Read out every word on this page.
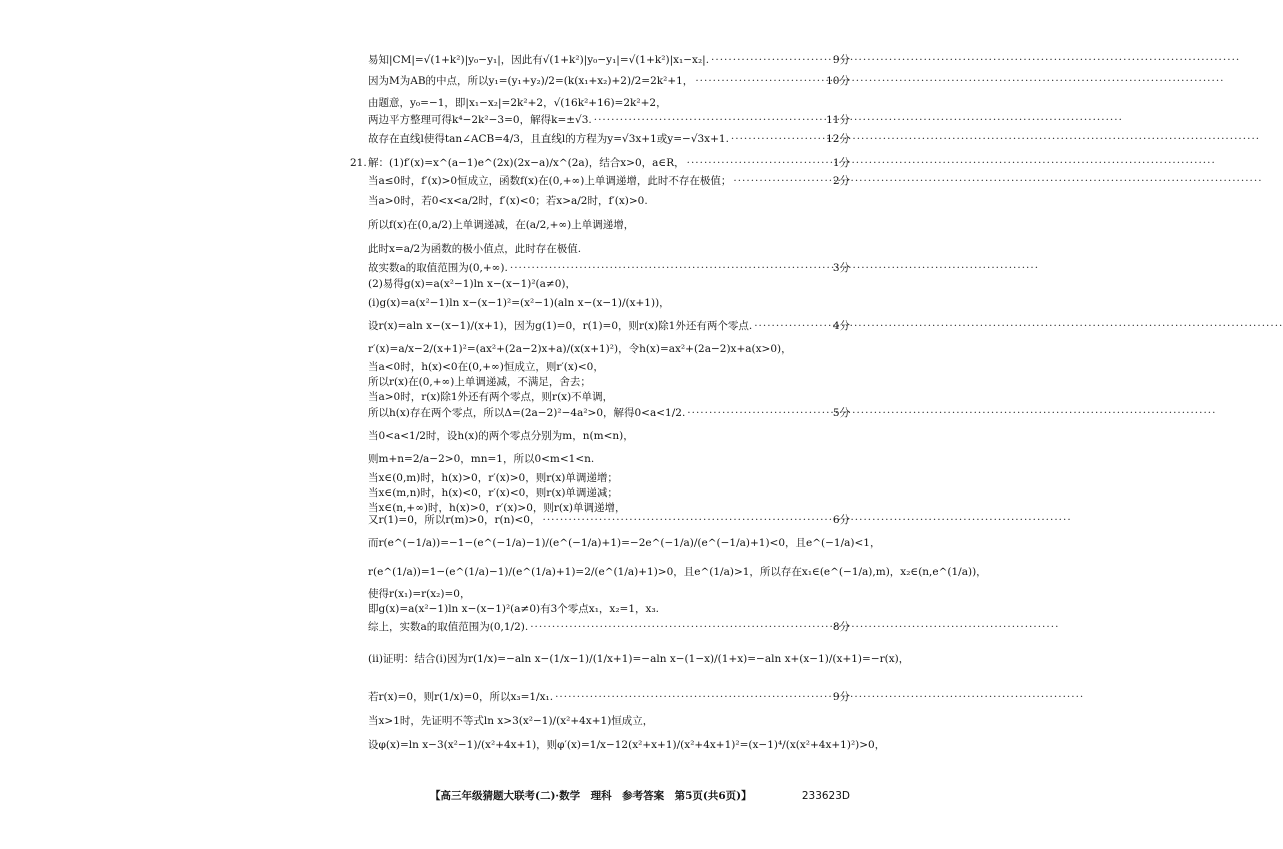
易知|CM|=√(1+k²)|y₀−y₁|，因此有√(1+k²)|y₀−y₁|=√(1+k²)|x₁−x₂|. ·····	9分
因为M为AB的中点，所以y₁=(y₁+y₂)/2=(k(x₁+x₂)+2)/2=2k²+1， ·····	10分
由题意，y₀=−1，即|x₁−x₂|=2k²+2，√(16k²+16)=2k²+2，
两边平方整理可得k⁴−2k²−3=0，解得k=±√3. ·····	11分
故存在直线l使得tan∠ACB=4/3，且直线l的方程为y=√3x+1或y=−√3x+1. ·····	12分
21. 解：(1)f′(x)=x^(a−1)e^(2x)(2x−a)/x^(2a)，结合x>0，a∈R， ·····	1分
当a≤0时，f′(x)>0恒成立，函数f(x)在(0,+∞)上单调递增，此时不存在极值； ·····	2分
当a>0时，若0<x<a/2时，f′(x)<0；若x>a/2时，f′(x)>0.
所以f(x)在(0,a/2)上单调递减，在(a/2,+∞)上单调递增，
此时x=a/2为函数的极小值点，此时存在极值.
故实数a的取值范围为(0,+∞). ·····	3分
(2)易得g(x)=a(x²−1)ln x−(x−1)²(a≠0)，
(ⅰ)g(x)=a(x²−1)ln x−(x−1)²=(x²−1)(aln x−(x−1)/(x+1))，
设r(x)=aln x−(x−1)/(x+1)，因为g(1)=0，r(1)=0，则r(x)除1外还有两个零点. ·····	4分
r′(x)=a/x−2/(x+1)²=(ax²+(2a−2)x+a)/(x(x+1)²)，令h(x)=ax²+(2a−2)x+a(x>0)，
当a<0时，h(x)<0在(0,+∞)恒成立，则r′(x)<0，
所以r(x)在(0,+∞)上单调递减，不满足，舍去；
当a>0时，r(x)除1外还有两个零点，则r(x)不单调，
所以h(x)存在两个零点，所以Δ=(2a−2)²−4a²>0，解得0<a<1/2. ·····	5分
当0<a<1/2时，设h(x)的两个零点分别为m，n(m<n)，
则m+n=2/a−2>0，mn=1，所以0<m<1<n.
当x∈(0,m)时，h(x)>0，r′(x)>0，则r(x)单调递增；
当x∈(m,n)时，h(x)<0，r′(x)<0，则r(x)单调递减；
当x∈(n,+∞)时，h(x)>0，r′(x)>0，则r(x)单调递增，
又r(1)=0，所以r(m)>0，r(n)<0， ·····	6分
而r(e^(−1/a))=−1−(e^(−1/a)−1)/(e^(−1/a)+1)=−2e^(−1/a)/(e^(−1/a)+1)<0，且e^(−1/a)<1，
r(e^(1/a))=1−(e^(1/a)−1)/(e^(1/a)+1)=2/(e^(1/a)+1)>0，且e^(1/a)>1，所以存在x₁∈(e^(−1/a),m)，x₂∈(n,e^(1/a))，
使得r(x₁)=r(x₂)=0，
即g(x)=a(x²−1)ln x−(x−1)²(a≠0)有3个零点x₁，x₂=1，x₃.
综上，实数a的取值范围为(0,1/2). ·····	8分
(ⅱ)证明：结合(ⅰ)因为r(1/x)=−aln x−(1/x−1)/(1/x+1)=−aln x−(1−x)/(1+x)=−aln x+(x−1)/(x+1)=−r(x)，
若r(x)=0，则r(1/x)=0，所以x₃=1/x₁. ·····	9分
当x>1时，先证明不等式ln x>3(x²−1)/(x²+4x+1)恒成立，
设φ(x)=ln x−3(x²−1)/(x²+4x+1)，则φ′(x)=1/x−12(x²+x+1)/(x²+4x+1)²=(x−1)⁴/(x(x²+4x+1)²)>0，
【高三年级猜题大联考(二)·数学　理科　参考答案　第5页(共6页)】	233623D
